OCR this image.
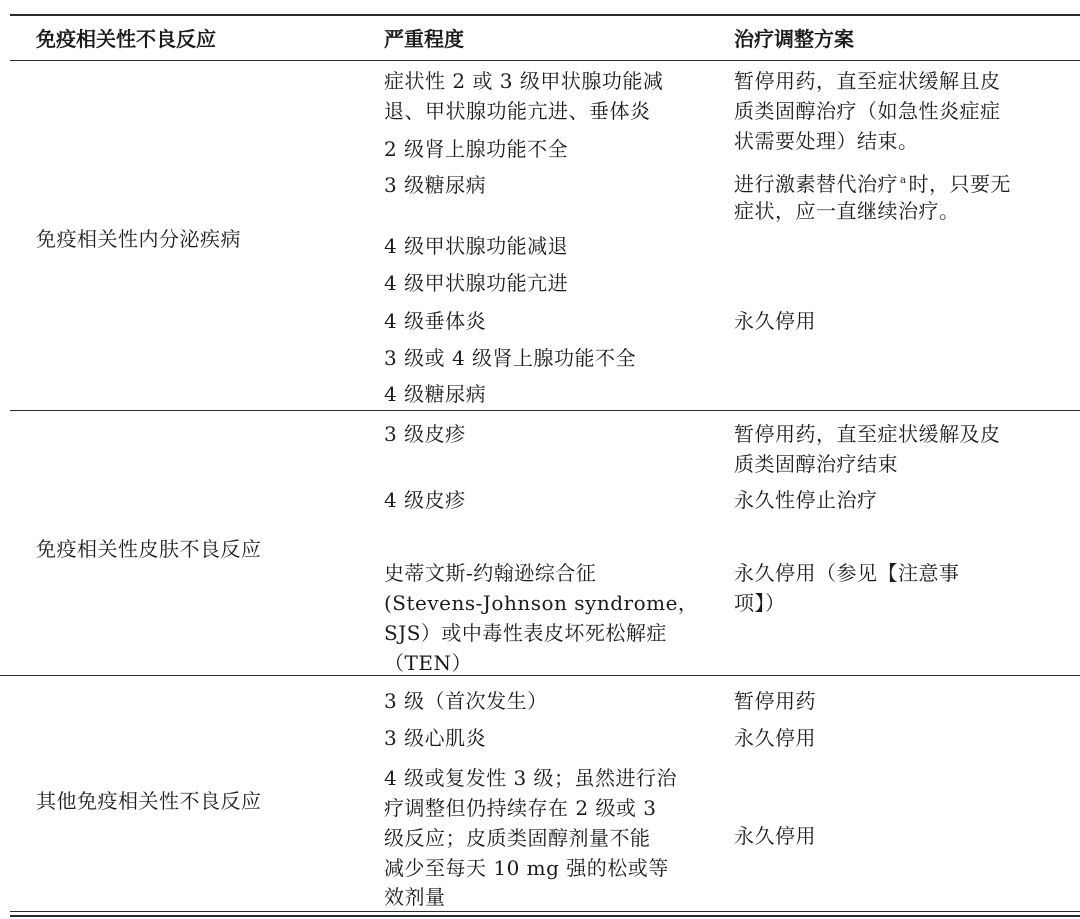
免疫相关性不良反应	严重程度	治疗调整方案
免疫相关性内分泌疾病
症状性 2 或 3 级甲状腺功能减
退、甲状腺功能亢进、垂体炎
2 级肾上腺功能不全
3 级糖尿病
4 级甲状腺功能减退
4 级甲状腺功能亢进
4 级垂体炎
3 级或 4 级肾上腺功能不全
4 级糖尿病
暂停用药，直至症状缓解且皮
质类固醇治疗（如急性炎症症
状需要处理）结束。
进行激素替代治疗 $^a$ 时，只要无
症状，应一直继续治疗。
永久停用
免疫相关性皮肤不良反应
3 级皮疹
4 级皮疹
史蒂文斯-约翰逊综合征
(Stevens-Johnson syndrome，
SJS）或中毒性表皮坏死松解症
（TEN）
暂停用药，直至症状缓解及皮
质类固醇治疗结束
永久性停止治疗
永久停用（参见【注意事
项】）
其他免疫相关性不良反应
3 级（首次发生）
3 级心肌炎
4 级或复发性 3 级；虽然进行治
疗调整但仍持续存在 2 级或 3
级反应；皮质类固醇剂量不能
减少至每天 10 mg 强的松或等
效剂量
暂停用药
永久停用
永久停用
